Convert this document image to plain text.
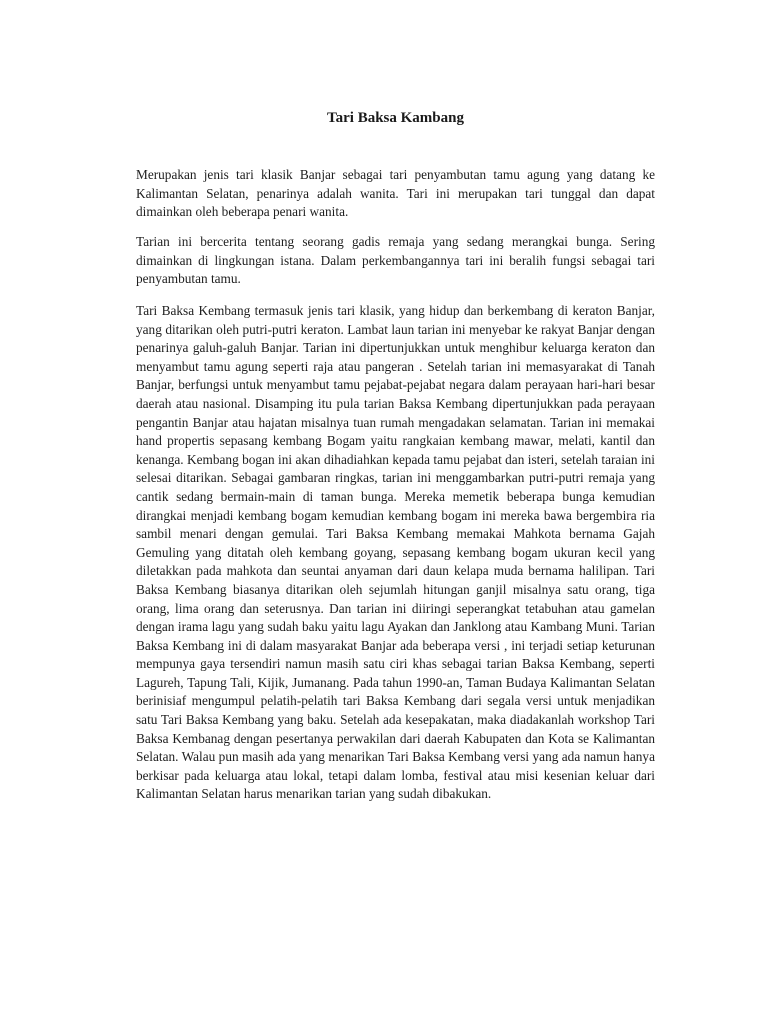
Tari Baksa Kambang

Merupakan jenis tari klasik Banjar sebagai tari penyambutan tamu agung yang datang ke Kalimantan Selatan, penarinya adalah wanita. Tari ini merupakan tari tunggal dan dapat dimainkan oleh beberapa penari wanita.

Tarian ini bercerita tentang seorang gadis remaja yang sedang merangkai bunga. Sering dimainkan di lingkungan istana. Dalam perkembangannya tari ini beralih fungsi sebagai tari penyambutan tamu.

Tari Baksa Kembang termasuk jenis tari klasik, yang hidup dan berkembang di keraton Banjar, yang ditarikan oleh putri-putri keraton. Lambat laun tarian ini menyebar ke rakyat Banjar dengan penarinya galuh-galuh Banjar. Tarian ini dipertunjukkan untuk menghibur keluarga keraton dan menyambut tamu agung seperti raja atau pangeran . Setelah tarian ini memasyarakat di Tanah Banjar, berfungsi untuk menyambut tamu pejabat-pejabat negara dalam perayaan hari-hari besar daerah atau nasional. Disamping itu pula tarian Baksa Kembang dipertunjukkan pada perayaan pengantin Banjar atau hajatan misalnya tuan rumah mengadakan selamatan. Tarian ini memakai hand propertis sepasang kembang Bogam yaitu rangkaian kembang mawar, melati, kantil dan kenanga. Kembang bogan ini akan dihadiahkan kepada tamu pejabat dan isteri, setelah taraian ini selesai ditarikan. Sebagai gambaran ringkas, tarian ini menggambarkan putri-putri remaja yang cantik sedang bermain-main di taman bunga. Mereka memetik beberapa bunga kemudian dirangkai menjadi kembang bogam kemudian kembang bogam ini mereka bawa bergembira ria sambil menari dengan gemulai. Tari Baksa Kembang memakai Mahkota bernama Gajah Gemuling yang ditatah oleh kembang goyang, sepasang kembang bogam ukuran kecil yang diletakkan pada mahkota dan seuntai anyaman dari daun kelapa muda bernama halilipan. Tari Baksa Kembang biasanya ditarikan oleh sejumlah hitungan ganjil misalnya satu orang, tiga orang, lima orang dan seterusnya. Dan tarian ini diiringi seperangkat tetabuhan atau gamelan dengan irama lagu yang sudah baku yaitu lagu Ayakan dan Janklong atau Kambang Muni. Tarian Baksa Kembang ini di dalam masyarakat Banjar ada beberapa versi , ini terjadi setiap keturunan mempunya gaya tersendiri namun masih satu ciri khas sebagai tarian Baksa Kembang, seperti Lagureh, Tapung Tali, Kijik, Jumanang. Pada tahun 1990-an, Taman Budaya Kalimantan Selatan berinisiaf mengumpul pelatih-pelatih tari Baksa Kembang dari segala versi untuk menjadikan satu Tari Baksa Kembang yang baku. Setelah ada kesepakatan, maka diadakanlah workshop Tari Baksa Kembanag dengan pesertanya perwakilan dari daerah Kabupaten dan Kota se Kalimantan Selatan. Walau pun masih ada yang menarikan Tari Baksa Kembang versi yang ada namun hanya berkisar pada keluarga atau lokal, tetapi dalam lomba, festival atau misi kesenian keluar dari Kalimantan Selatan harus menarikan tarian yang sudah dibakukan.
